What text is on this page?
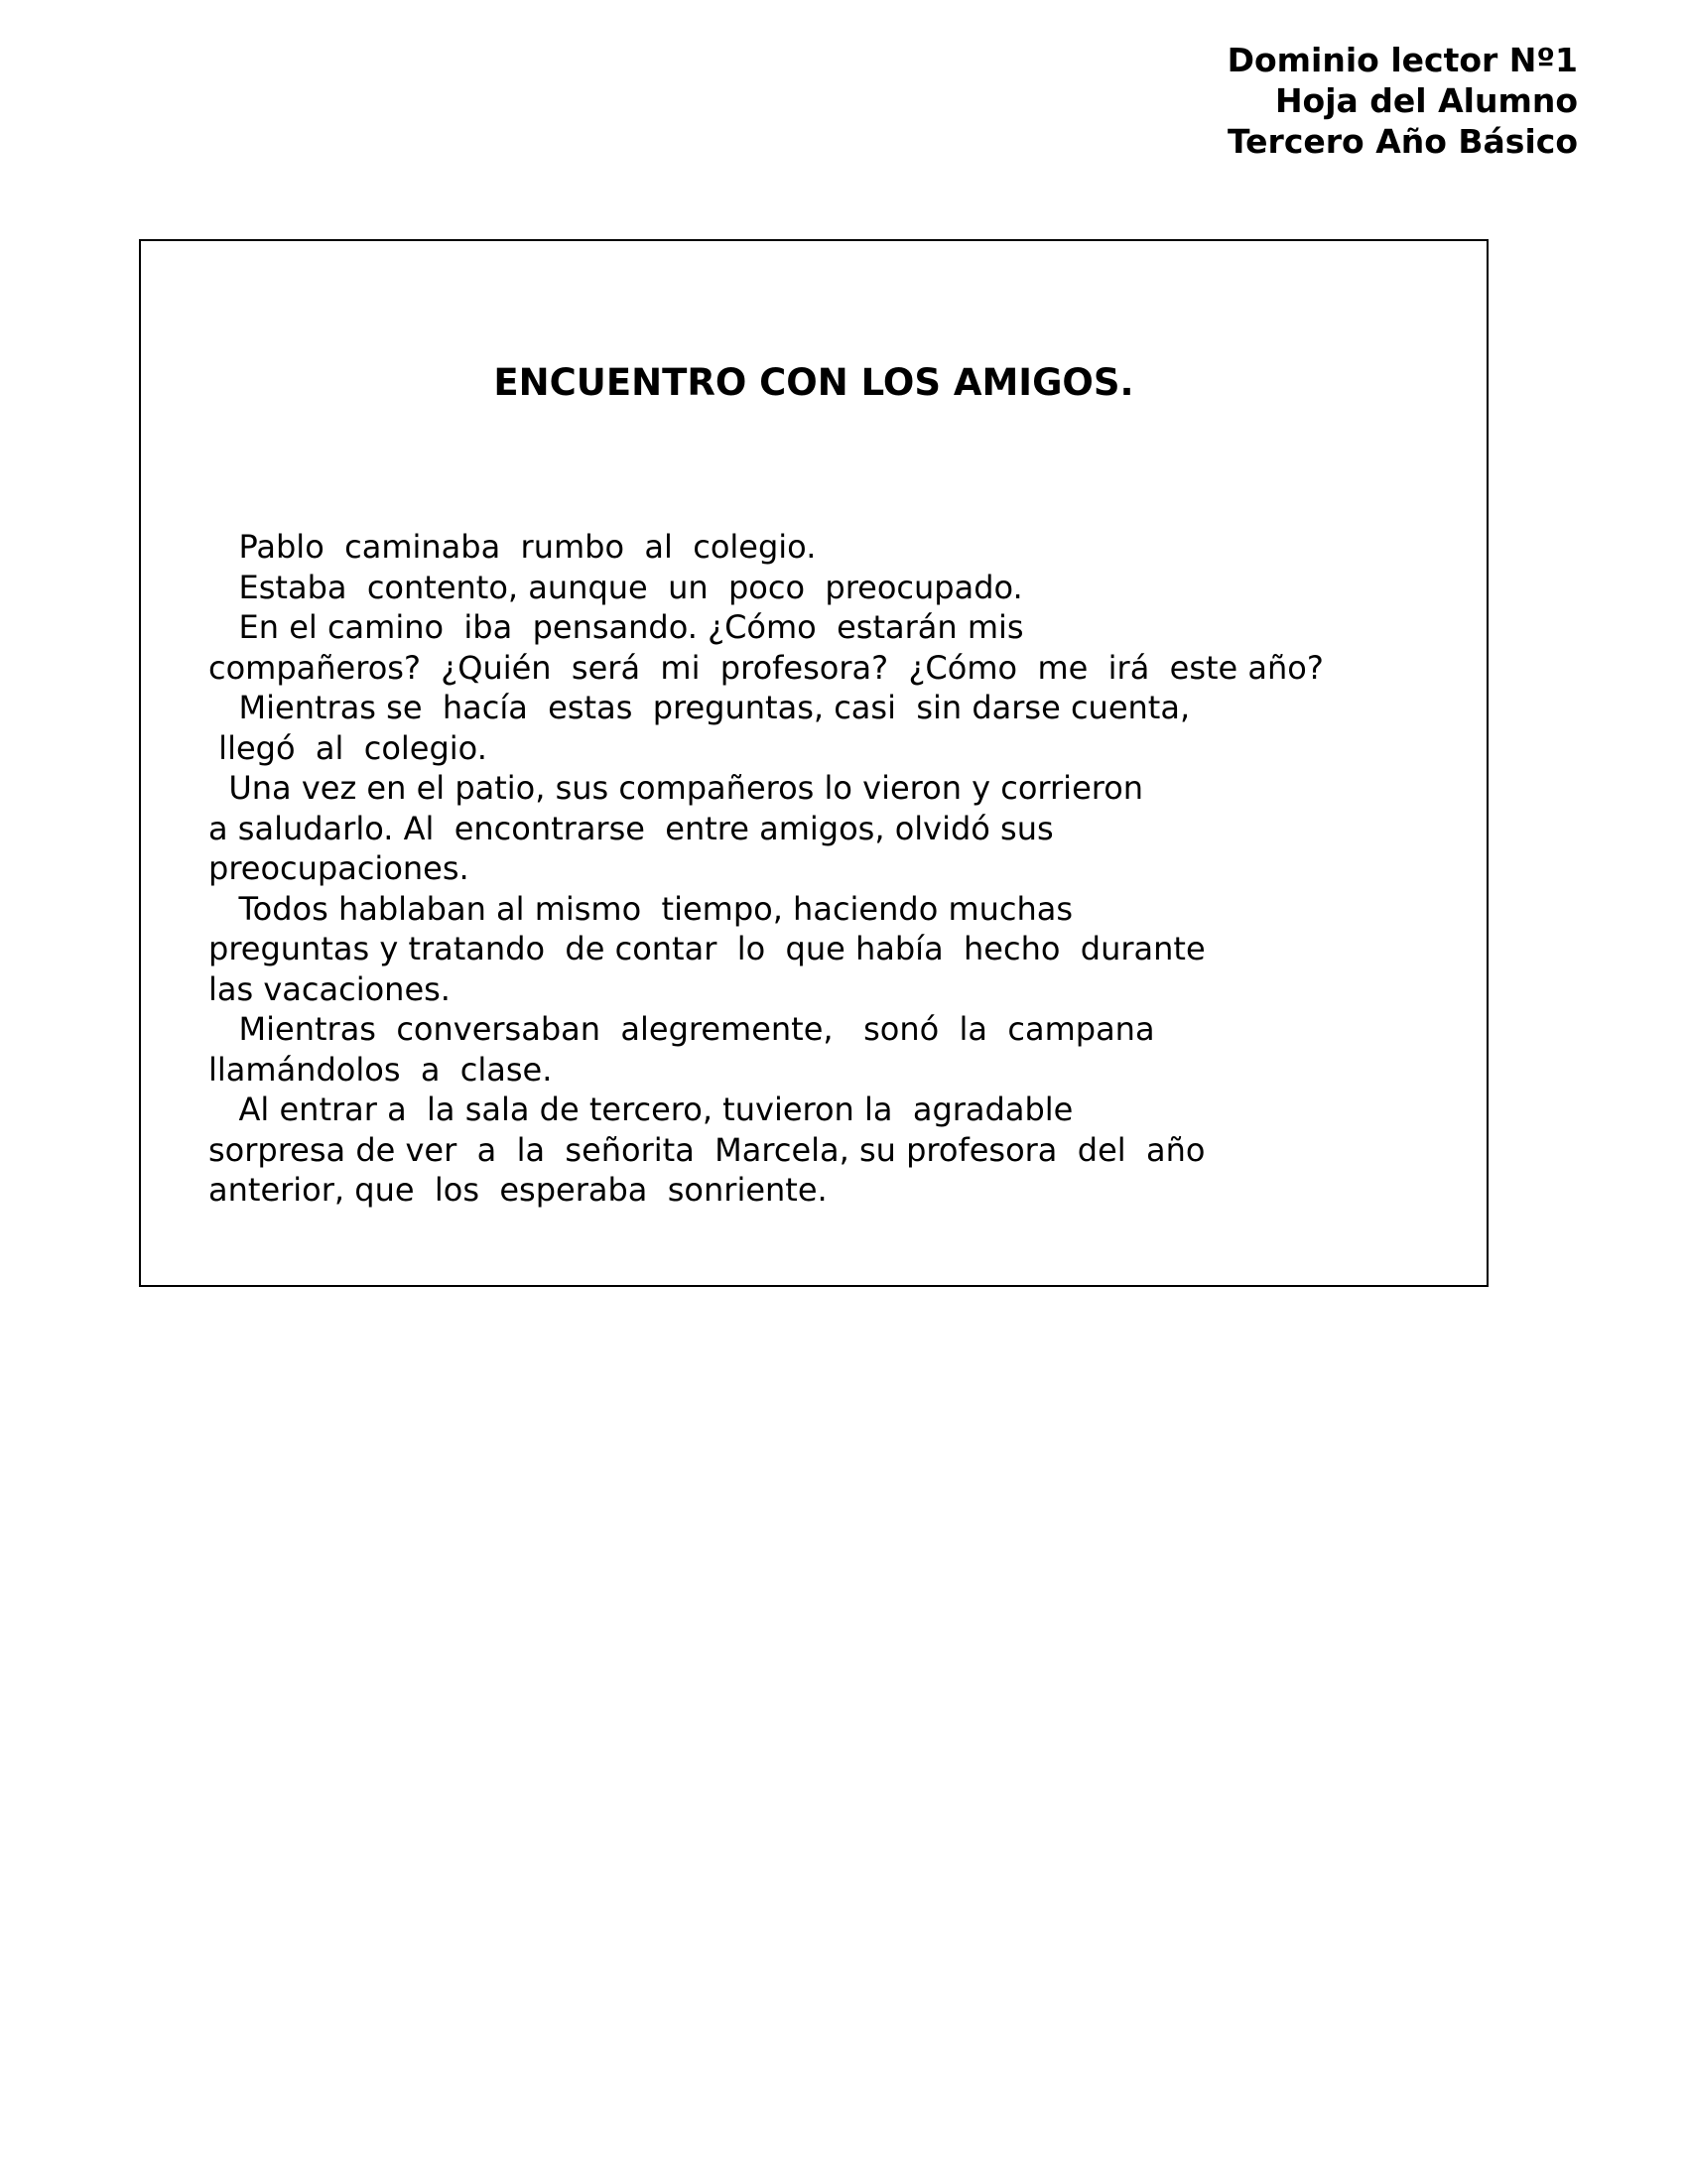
Dominio lector Nº1
Hoja del Alumno
Tercero Año Básico
ENCUENTRO CON LOS AMIGOS.
Pablo  caminaba  rumbo  al  colegio.
Estaba  contento, aunque  un  poco  preocupado.
En el camino  iba  pensando. ¿Cómo  estarán mis
compañeros?  ¿Quién  será  mi  profesora?  ¿Cómo  me  irá  este año?
Mientras se  hacía  estas  preguntas, casi  sin darse cuenta,
llegó  al  colegio.
Una vez en el patio, sus compañeros lo vieron y corrieron
a saludarlo. Al  encontrarse  entre amigos, olvidó sus
preocupaciones.
Todos hablaban al mismo  tiempo, haciendo muchas
preguntas y tratando  de contar  lo  que había  hecho  durante
las vacaciones.
Mientras  conversaban  alegremente,   sonó  la  campana
llamándolos  a  clase.
Al entrar a  la sala de tercero, tuvieron la  agradable
sorpresa de ver  a  la  señorita  Marcela, su profesora  del  año
anterior, que  los  esperaba  sonriente.
